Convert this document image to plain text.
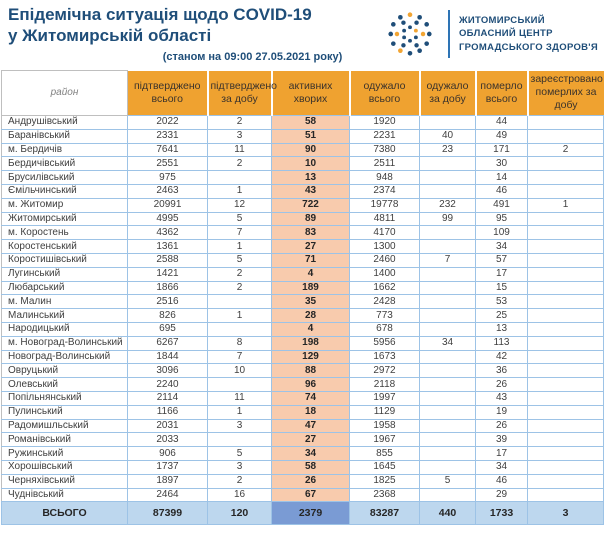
Епідемічна ситуація щодо COVID-19
у Житомирській області
(станом на 09:00 27.05.2021 року)
ЖИТОМИРСЬКИЙ
ОБЛАСНИЙ ЦЕНТР
ГРОМАДСЬКОГО ЗДОРОВ'Я
район	підтверджено всього	підтверджено за добу	активних хворих	одужало всього	одужало за добу	померло всього	зареєстровано померлих за добу
Андрушівський	2022	2	58	1920		44	
Баранівський	2331	3	51	2231	40	49	
м. Бердичів	7641	11	90	7380	23	171	2
Бердичівський	2551	2	10	2511		30	
Брусилівський	975		13	948		14	
Ємільчинський	2463	1	43	2374		46	
м. Житомир	20991	12	722	19778	232	491	1
Житомирський	4995	5	89	4811	99	95	
м. Коростень	4362	7	83	4170		109	
Коростенський	1361	1	27	1300		34	
Коростишівський	2588	5	71	2460	7	57	
Лугинський	1421	2	4	1400		17	
Любарський	1866	2	189	1662		15	
м. Малин	2516		35	2428		53	
Малинський	826	1	28	773		25	
Народицький	695		4	678		13	
м. Новоград-Волинський	6267	8	198	5956	34	113	
Новоград-Волинський	1844	7	129	1673		42	
Овруцький	3096	10	88	2972		36	
Олевський	2240		96	2118		26	
Попільнянський	2114	11	74	1997		43	
Пулинський	1166	1	18	1129		19	
Радомишльський	2031	3	47	1958		26	
Романівський	2033		27	1967		39	
Ружинський	906	5	34	855		17	
Хорошівський	1737	3	58	1645		34	
Черняхівський	1897	2	26	1825	5	46	
Чуднівський	2464	16	67	2368		29	
ВСЬОГО	87399	120	2379	83287	440	1733	3
